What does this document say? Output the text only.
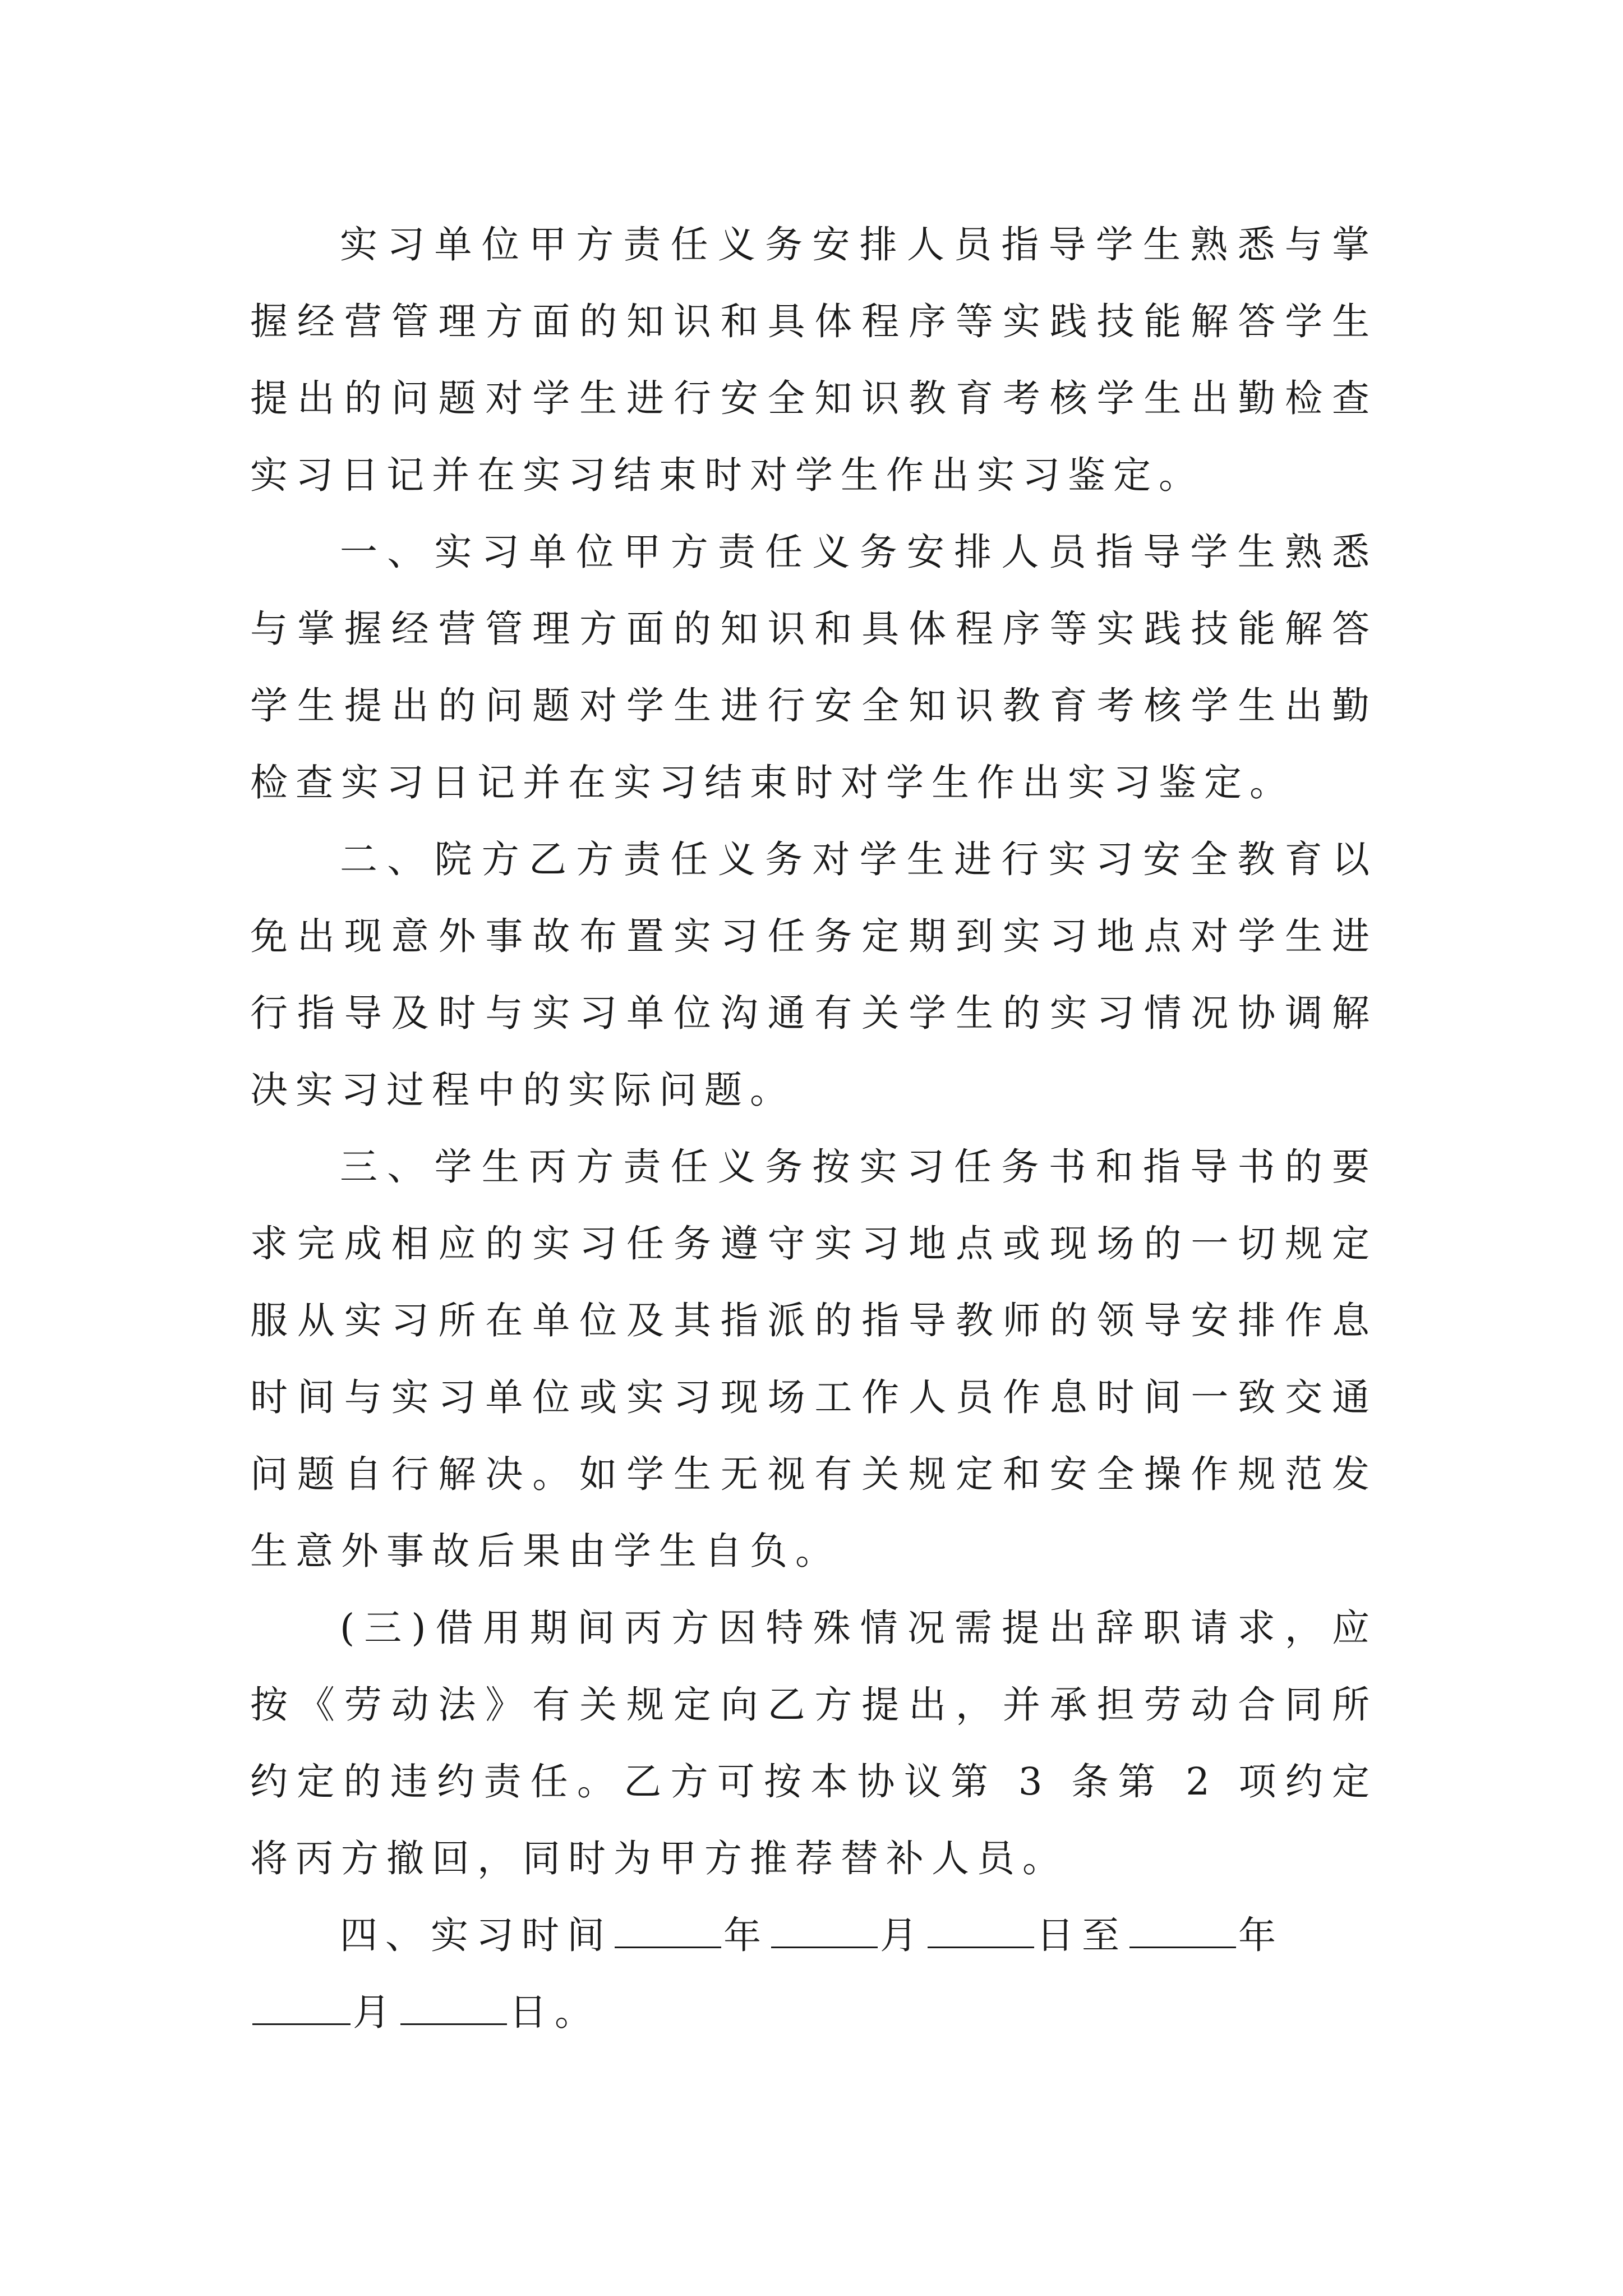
实习单位甲方责任义务安排人员指导学生熟悉与掌握经营管理方面的知识和具体程序等实践技能解答学生提出的问题对学生进行安全知识教育考核学生出勤检查实习日记并在实习结束时对学生作出实习鉴定。

一、实习单位甲方责任义务安排人员指导学生熟悉与掌握经营管理方面的知识和具体程序等实践技能解答学生提出的问题对学生进行安全知识教育考核学生出勤检查实习日记并在实习结束时对学生作出实习鉴定。

二、院方乙方责任义务对学生进行实习安全教育以免出现意外事故布置实习任务定期到实习地点对学生进行指导及时与实习单位沟通有关学生的实习情况协调解决实习过程中的实际问题。

三、学生丙方责任义务按实习任务书和指导书的要求完成相应的实习任务遵守实习地点或现场的一切规定服从实习所在单位及其指派的指导教师的领导安排作息时间与实习单位或实习现场工作人员作息时间一致交通问题自行解决。如学生无视有关规定和安全操作规范发生意外事故后果由学生自负。

(三)借用期间丙方因特殊情况需提出辞职请求，应按《劳动法》有关规定向乙方提出，并承担劳动合同所约定的违约责任。乙方可按本协议第 3 条第 2 项约定将丙方撤回，同时为甲方推荐替补人员。

四、实习时间	年	月	日至	年月	日。
